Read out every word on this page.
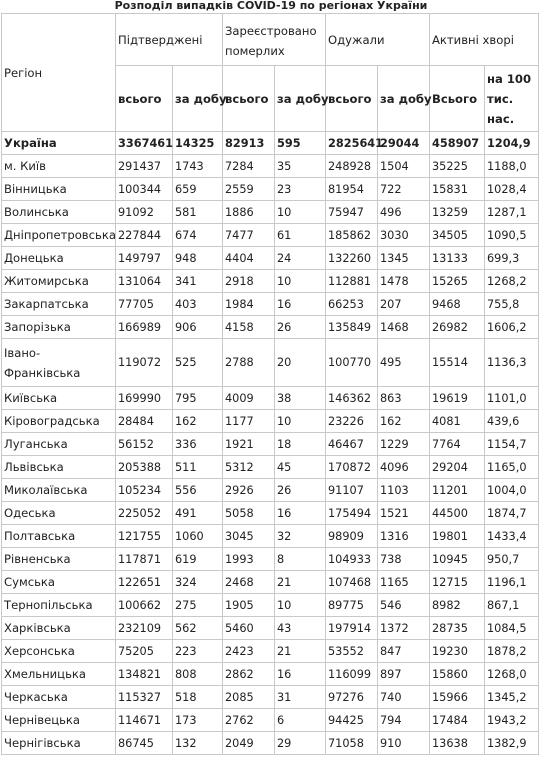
Розподіл випадків COVID-19 по регіонах України
Регіон	Підтверджені		Зареєстровано померлих		Одужали		Активні хворі	
	всього	за добу	всього	за добу	всього	за добу	Всього	на 100 тис. нас.
Україна	3367461	14325	82913	595	2825641	29044	458907	1204,9
м. Київ	291437	1743	7284	35	248928	1504	35225	1188,0
Вінницька	100344	659	2559	23	81954	722	15831	1028,4
Волинська	91092	581	1886	10	75947	496	13259	1287,1
Дніпропетровська	227844	674	7477	61	185862	3030	34505	1090,5
Донецька	149797	948	4404	24	132260	1345	13133	699,3
Житомирська	131064	341	2918	10	112881	1478	15265	1268,2
Закарпатська	77705	403	1984	16	66253	207	9468	755,8
Запорізька	166989	906	4158	26	135849	1468	26982	1606,2
Івано-Франківська	119072	525	2788	20	100770	495	15514	1136,3
Київська	169990	795	4009	38	146362	863	19619	1101,0
Кіровоградська	28484	162	1177	10	23226	162	4081	439,6
Луганська	56152	336	1921	18	46467	1229	7764	1154,7
Львівська	205388	511	5312	45	170872	4096	29204	1165,0
Миколаївська	105234	556	2926	26	91107	1103	11201	1004,0
Одеська	225052	491	5058	16	175494	1521	44500	1874,7
Полтавська	121755	1060	3045	32	98909	1316	19801	1433,4
Рівненська	117871	619	1993	8	104933	738	10945	950,7
Сумська	122651	324	2468	21	107468	1165	12715	1196,1
Тернопільська	100662	275	1905	10	89775	546	8982	867,1
Харківська	232109	562	5460	43	197914	1372	28735	1084,5
Херсонська	75205	223	2423	21	53552	847	19230	1878,2
Хмельницька	134821	808	2862	16	116099	897	15860	1268,0
Черкаська	115327	518	2085	31	97276	740	15966	1345,2
Чернівецька	114671	173	2762	6	94425	794	17484	1943,2
Чернігівська	86745	132	2049	29	71058	910	13638	1382,9
